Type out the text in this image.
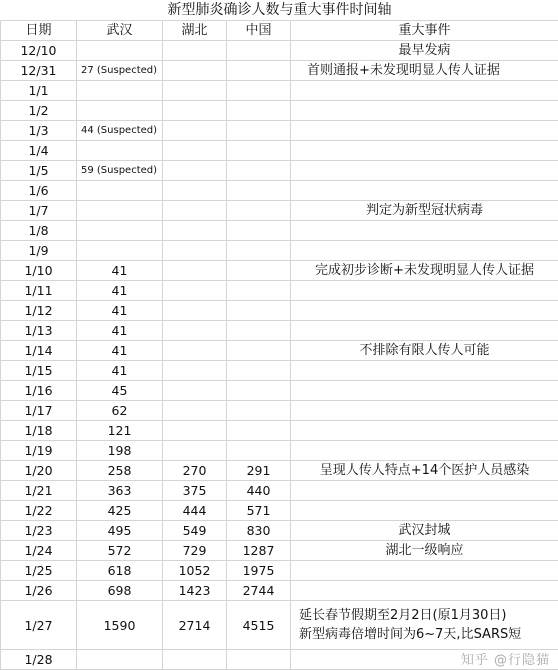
新型肺炎确诊人数与重大事件时间轴				
日期	武汉	湖北	中国	重大事件
12/10				最早发病
12/31	27 (Suspected)			首则通报+未发现明显人传人证据
1/1				
1/2				
1/3	44 (Suspected)			
1/4				
1/5	59 (Suspected)			
1/6				
1/7				判定为新型冠状病毒
1/8				
1/9				
1/10	41			完成初步诊断+未发现明显人传人证据
1/11	41			
1/12	41			
1/13	41			
1/14	41			不排除有限人传人可能
1/15	41			
1/16	45			
1/17	62			
1/18	121			
1/19	198			
1/20	258	270	291	呈现人传人特点+14个医护人员感染
1/21	363	375	440	
1/22	425	444	571	
1/23	495	549	830	武汉封城
1/24	572	729	1287	湖北一级响应
1/25	618	1052	1975	
1/26	698	1423	2744	
1/27	1590	2714	4515	延长春节假期至2月2日(原1月30日)
新型病毒倍增时间为6~7天,比SARS短
1/28					知乎 @行隐猫
